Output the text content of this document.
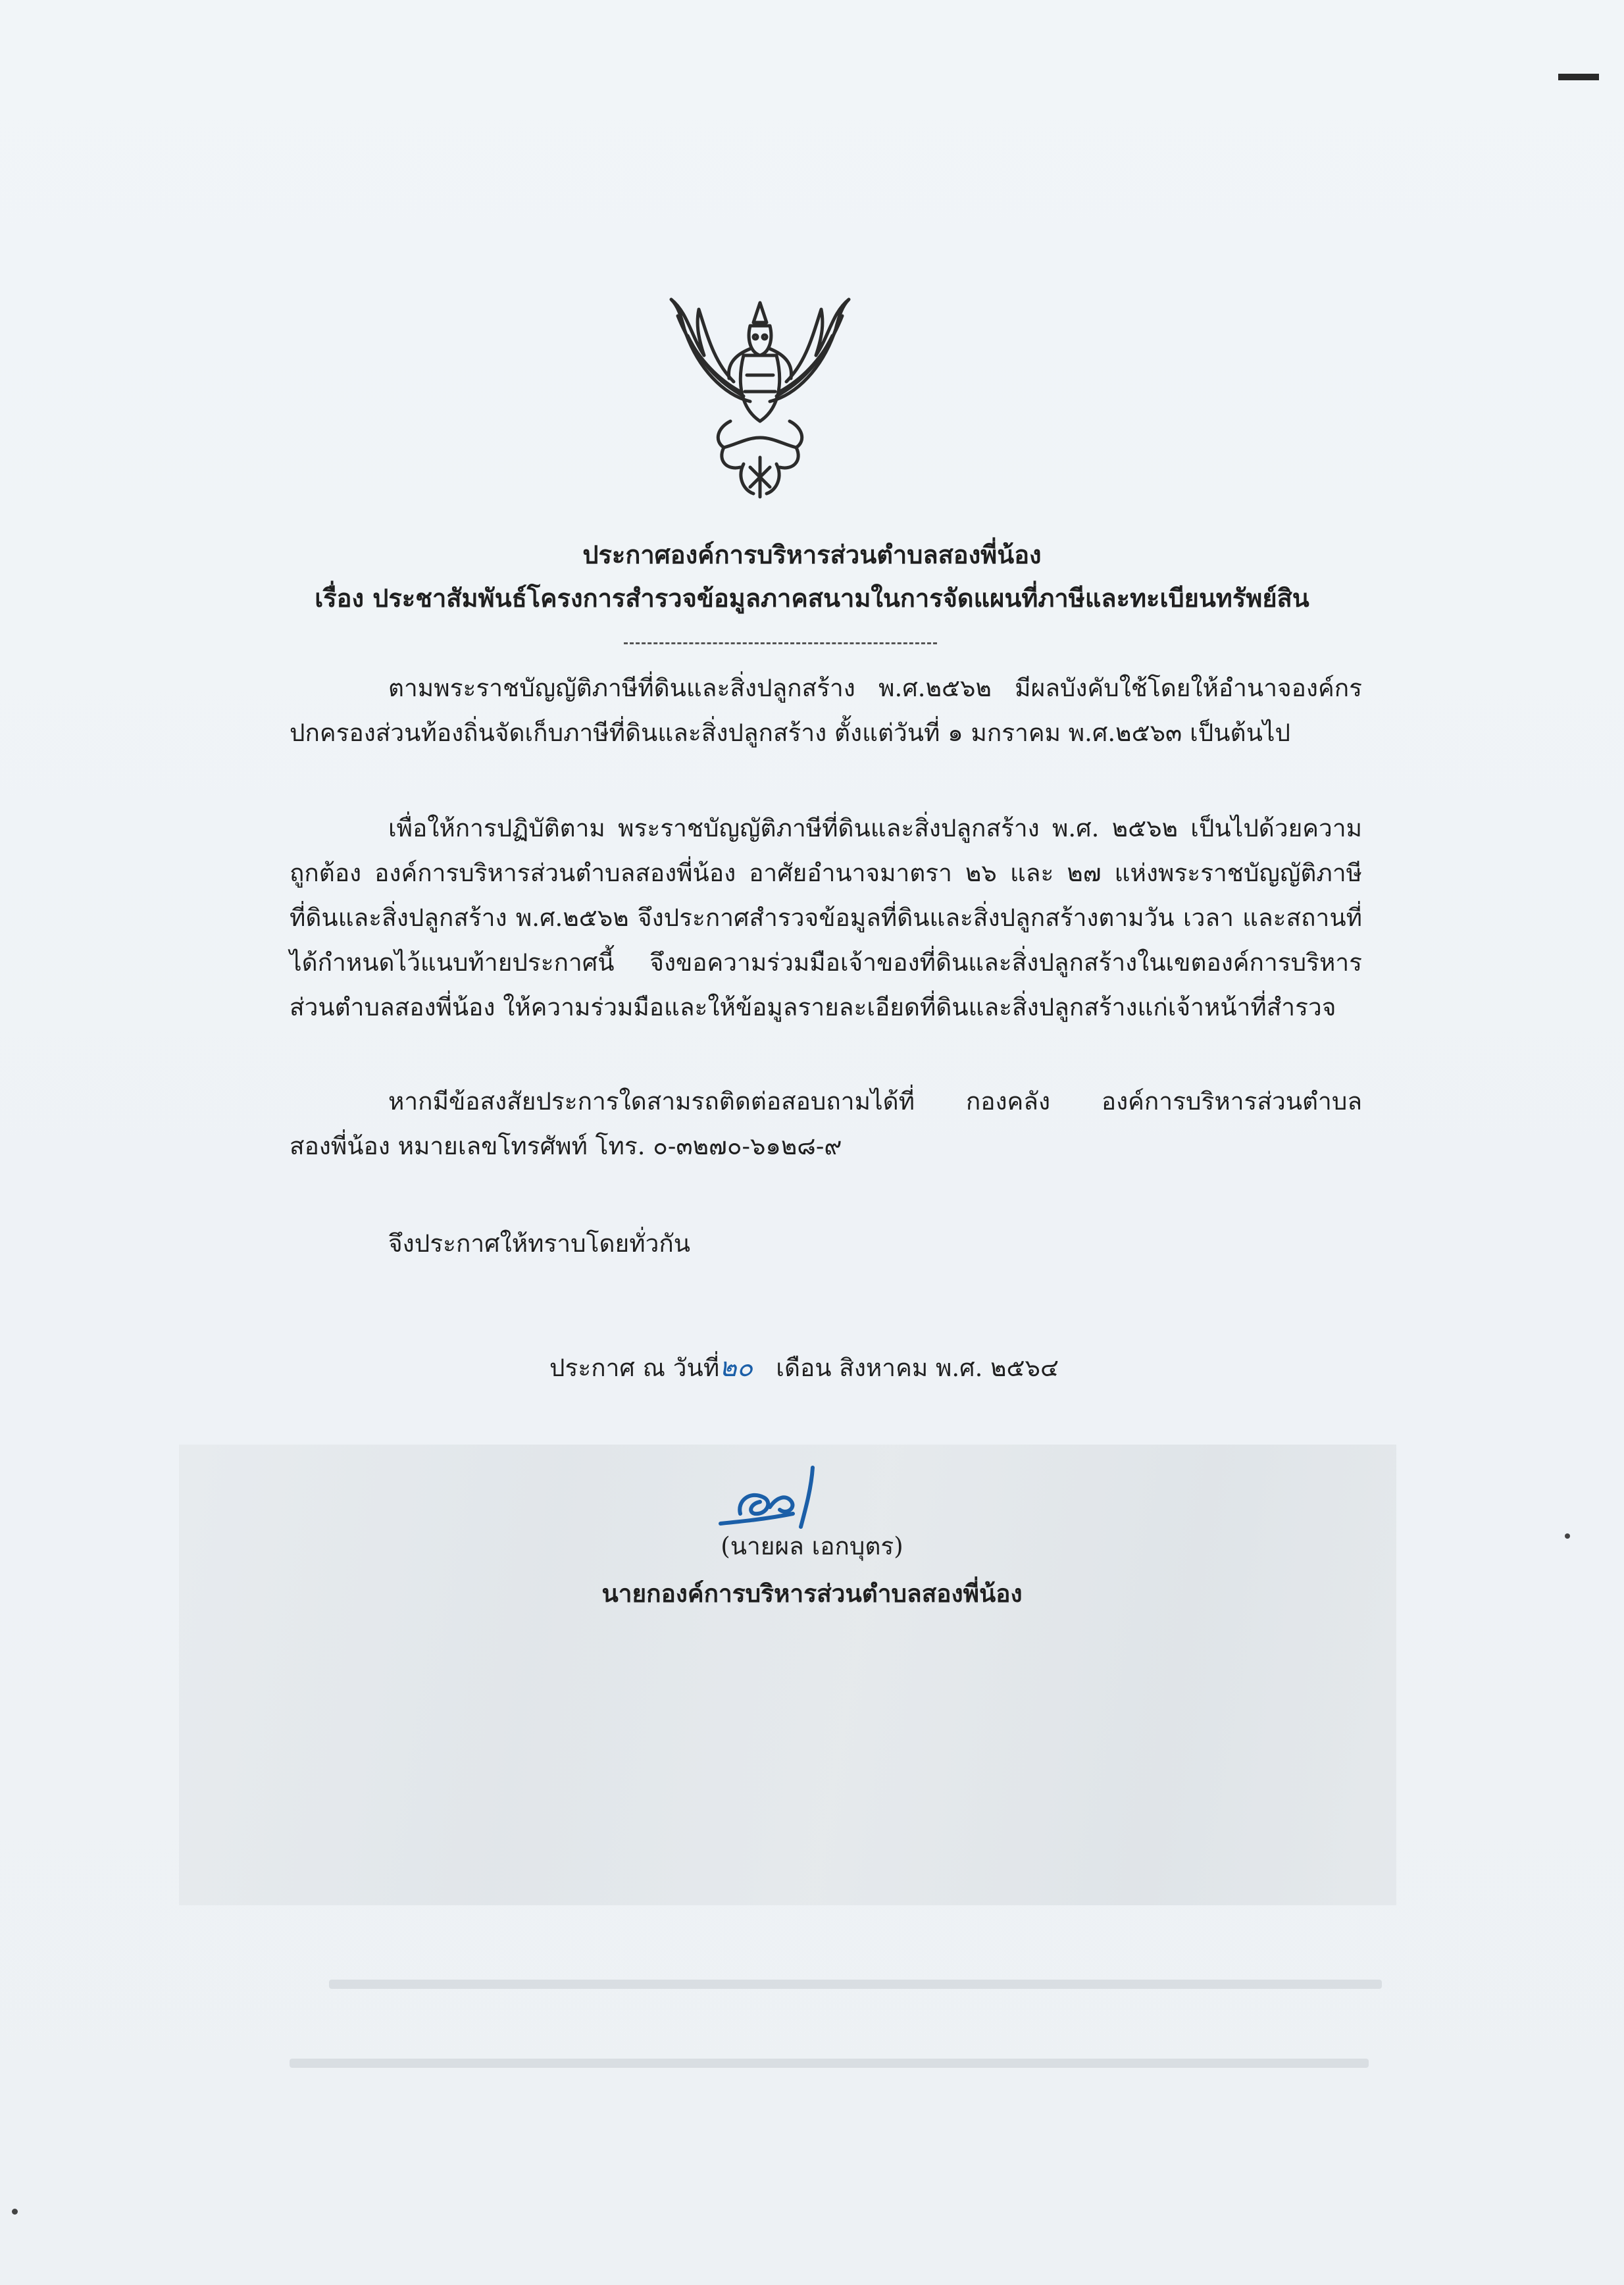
ประกาศองค์การบริหารส่วนตำบลสองพี่น้อง
เรื่อง ประชาสัมพันธ์โครงการสำรวจข้อมูลภาคสนามในการจัดแผนที่ภาษีและทะเบียนทรัพย์สิน
ตามพระราชบัญญัติภาษีที่ดินและสิ่งปลูกสร้าง พ.ศ.๒๕๖๒ มีผลบังคับใช้โดยให้อำนาจองค์กรปกครองส่วนท้องถิ่นจัดเก็บภาษีที่ดินและสิ่งปลูกสร้าง ตั้งแต่วันที่ ๑ มกราคม พ.ศ.๒๕๖๓ เป็นต้นไป
เพื่อให้การปฏิบัติตาม พระราชบัญญัติภาษีที่ดินและสิ่งปลูกสร้าง พ.ศ. ๒๕๖๒ เป็นไปด้วยความถูกต้อง องค์การบริหารส่วนตำบลสองพี่น้อง อาศัยอำนาจมาตรา ๒๖ และ ๒๗ แห่งพระราชบัญญัติภาษีที่ดินและสิ่งปลูกสร้าง พ.ศ.๒๕๖๒ จึงประกาศสำรวจข้อมูลที่ดินและสิ่งปลูกสร้างตามวัน เวลา และสถานที่ได้กำหนดไว้แนบท้ายประกาศนี้ จึงขอความร่วมมือเจ้าของที่ดินและสิ่งปลูกสร้างในเขตองค์การบริหารส่วนตำบลสองพี่น้อง ให้ความร่วมมือและให้ข้อมูลรายละเอียดที่ดินและสิ่งปลูกสร้างแก่เจ้าหน้าที่สำรวจ
หากมีข้อสงสัยประการใดสามรถติดต่อสอบถามได้ที่ กองคลัง องค์การบริหารส่วนตำบลสองพี่น้อง หมายเลขโทรศัพท์ โทร. ๐-๓๒๗๐-๖๑๒๘-๙
จึงประกาศให้ทราบโดยทั่วกัน
ประกาศ ณ วันที่๒๐ เดือน สิงหาคม พ.ศ. ๒๕๖๔
(นายผล เอกบุตร)
นายกองค์การบริหารส่วนตำบลสองพี่น้อง
